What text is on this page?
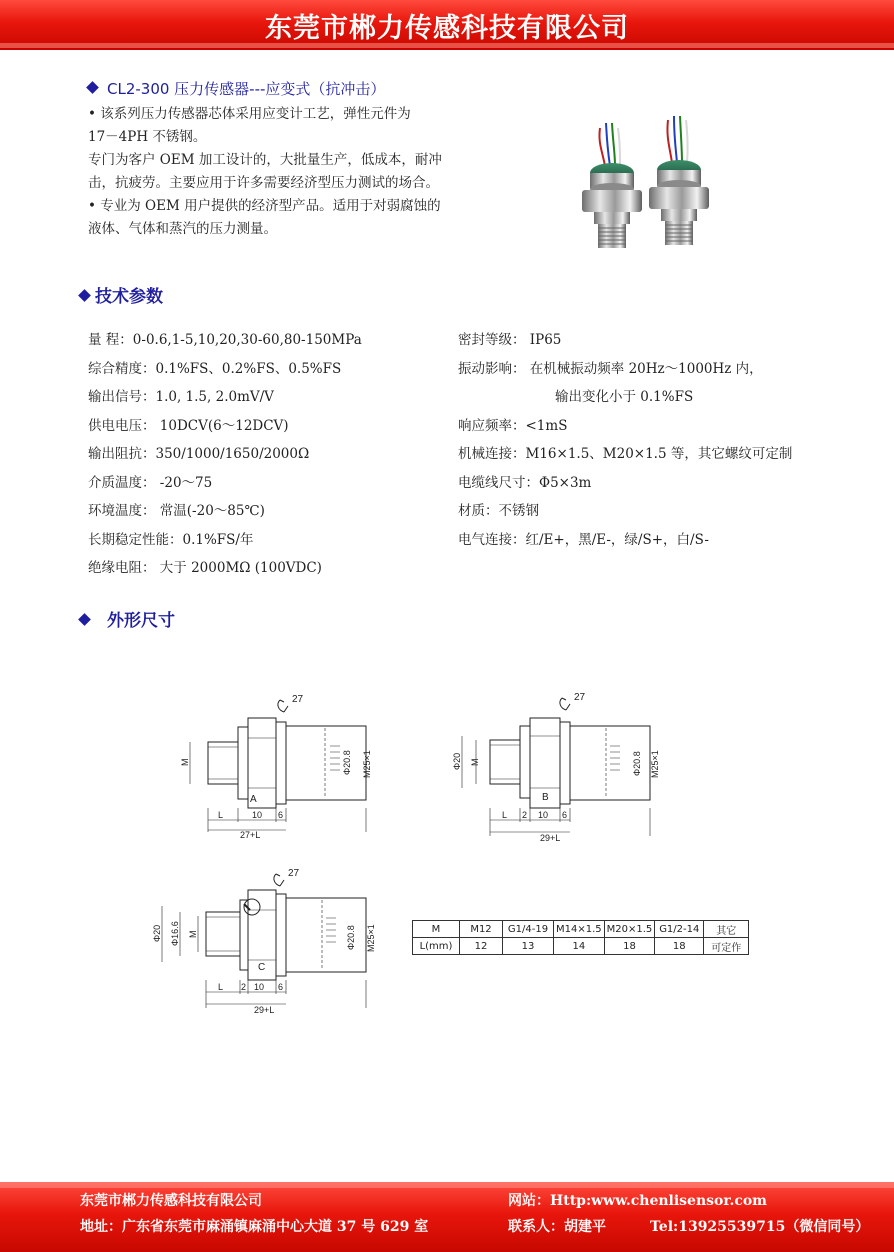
东莞市郴力传感科技有限公司
CL2-300 压力传感器---应变式（抗冲击）
• 该系列压力传感器芯体采用应变计工艺，弹性元件为
17－4PH 不锈钢。
专门为客户 OEM 加工设计的，大批量生产，低成本，耐冲
击，抗疲劳。主要应用于许多需要经济型压力测试的场合。
• 专业为 OEM 用户提供的经济型产品。适用于对弱腐蚀的
液体、气体和蒸汽的压力测量。
技术参数
量 程：0-0.6,1-5,10,20,30-60,80-150MPa
综合精度：0.1%FS、0.2%FS、0.5%FS
输出信号：1.0, 1.5, 2.0mV/V
供电电压： 10DCV(6～12DCV)
输出阻抗：350/1000/1650/2000Ω
介质温度： -20～75
环境温度： 常温(-20～85℃)
长期稳定性能：0.1%FS/年
绝缘电阻： 大于 2000MΩ (100VDC)
密封等级： IP65
振动影响： 在机械振动频率 20Hz～1000Hz 内，
输出变化小于 0.1%FS
响应频率：<1mS
机械连接：M16×1.5、M20×1.5 等，其它螺纹可定制
电缆线尺寸：Φ5×3m
材质：不锈钢
电气连接：红/E+，黑/E-，绿/S+，白/S-
外形尺寸
27
A
M	Φ20.8 M25×1
L	10 6
27+L
27
B
Φ20 M	Φ20.8 M25×1
L 2 10 6
29+L
27
C
Φ20 Φ16.6 M	Φ20.8 M25×1
L 2 10 6
29+L
M	M12	G1/4-19	M14×1.5	M20×1.5	G1/2-14	其它
L(mm)	12	13	14	18	18	可定作
东莞市郴力传感科技有限公司
地址：广东省东莞市麻涌镇麻涌中心大道 37 号 629 室
网站：Http:www.chenlisensor.com
联系人：胡建平	Tel:13925539715（微信同号）
